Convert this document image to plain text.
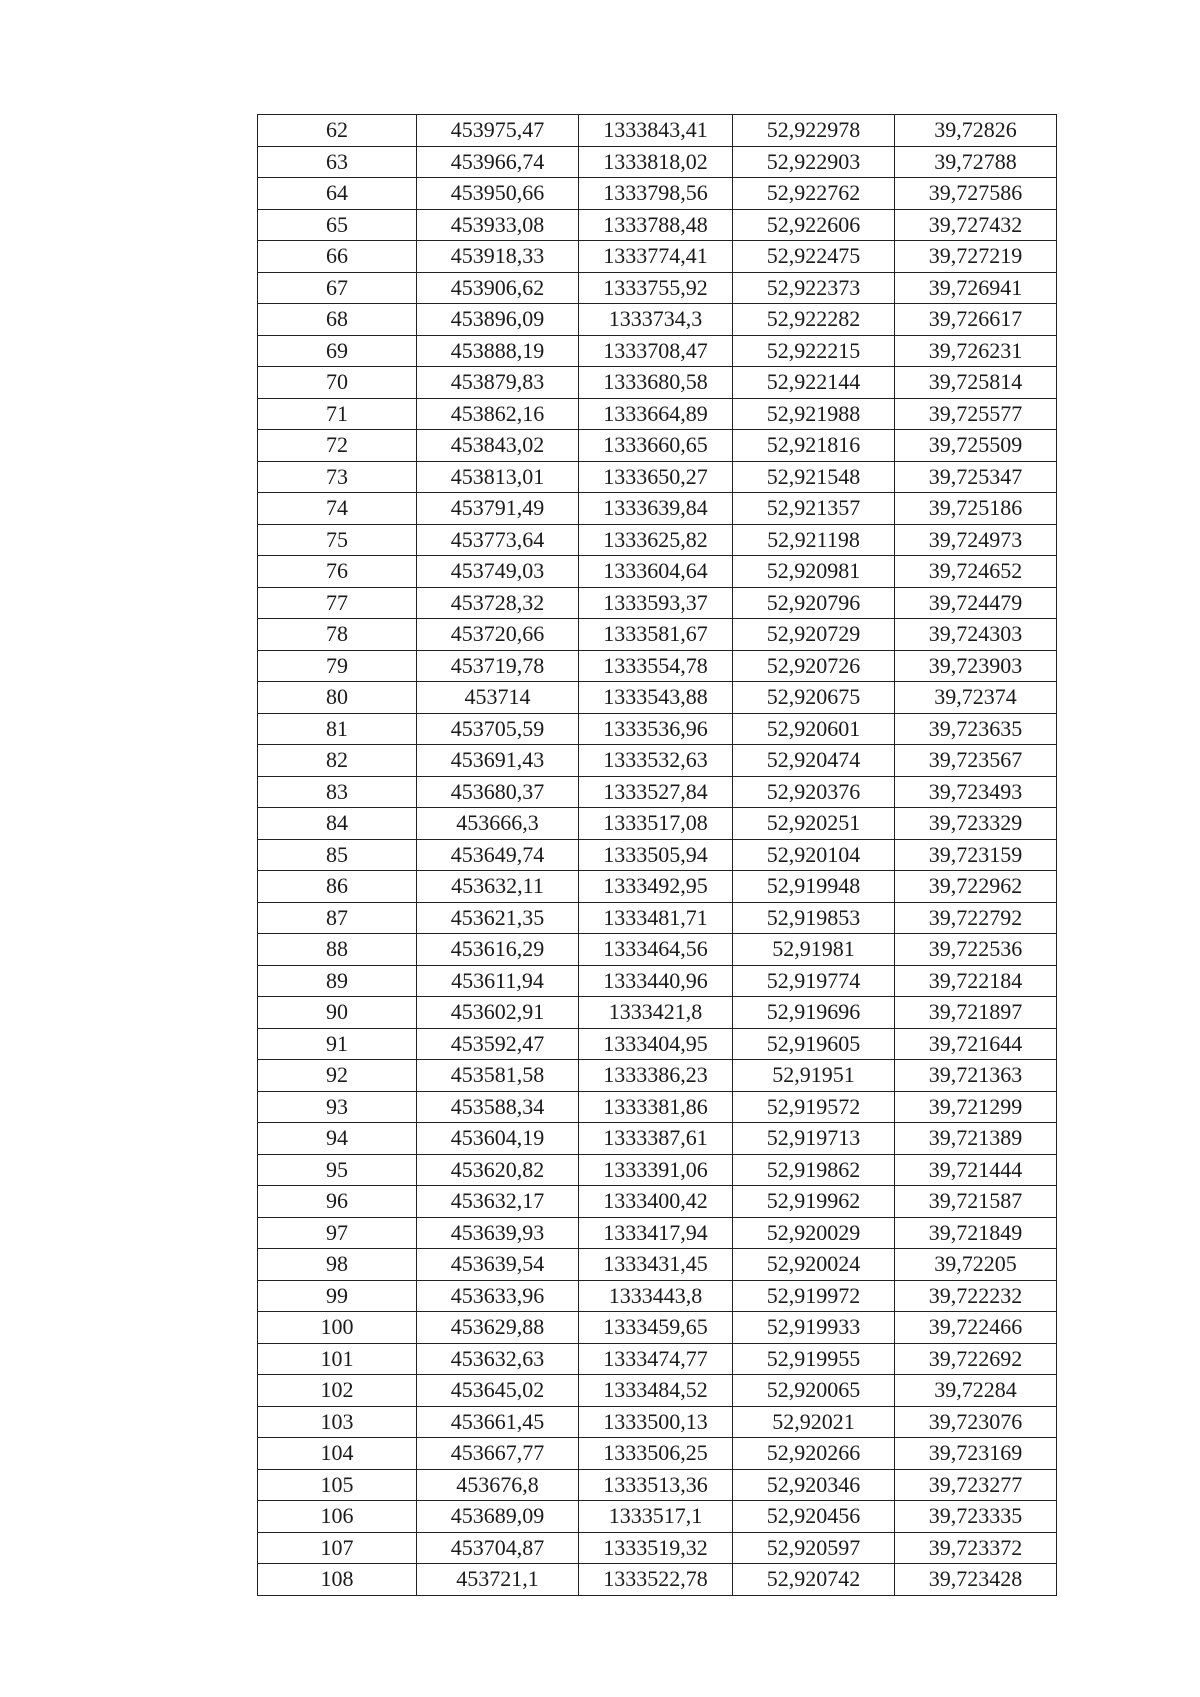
62	453975,47	1333843,41	52,922978	39,72826
63	453966,74	1333818,02	52,922903	39,72788
64	453950,66	1333798,56	52,922762	39,727586
65	453933,08	1333788,48	52,922606	39,727432
66	453918,33	1333774,41	52,922475	39,727219
67	453906,62	1333755,92	52,922373	39,726941
68	453896,09	1333734,3	52,922282	39,726617
69	453888,19	1333708,47	52,922215	39,726231
70	453879,83	1333680,58	52,922144	39,725814
71	453862,16	1333664,89	52,921988	39,725577
72	453843,02	1333660,65	52,921816	39,725509
73	453813,01	1333650,27	52,921548	39,725347
74	453791,49	1333639,84	52,921357	39,725186
75	453773,64	1333625,82	52,921198	39,724973
76	453749,03	1333604,64	52,920981	39,724652
77	453728,32	1333593,37	52,920796	39,724479
78	453720,66	1333581,67	52,920729	39,724303
79	453719,78	1333554,78	52,920726	39,723903
80	453714	1333543,88	52,920675	39,72374
81	453705,59	1333536,96	52,920601	39,723635
82	453691,43	1333532,63	52,920474	39,723567
83	453680,37	1333527,84	52,920376	39,723493
84	453666,3	1333517,08	52,920251	39,723329
85	453649,74	1333505,94	52,920104	39,723159
86	453632,11	1333492,95	52,919948	39,722962
87	453621,35	1333481,71	52,919853	39,722792
88	453616,29	1333464,56	52,91981	39,722536
89	453611,94	1333440,96	52,919774	39,722184
90	453602,91	1333421,8	52,919696	39,721897
91	453592,47	1333404,95	52,919605	39,721644
92	453581,58	1333386,23	52,91951	39,721363
93	453588,34	1333381,86	52,919572	39,721299
94	453604,19	1333387,61	52,919713	39,721389
95	453620,82	1333391,06	52,919862	39,721444
96	453632,17	1333400,42	52,919962	39,721587
97	453639,93	1333417,94	52,920029	39,721849
98	453639,54	1333431,45	52,920024	39,72205
99	453633,96	1333443,8	52,919972	39,722232
100	453629,88	1333459,65	52,919933	39,722466
101	453632,63	1333474,77	52,919955	39,722692
102	453645,02	1333484,52	52,920065	39,72284
103	453661,45	1333500,13	52,92021	39,723076
104	453667,77	1333506,25	52,920266	39,723169
105	453676,8	1333513,36	52,920346	39,723277
106	453689,09	1333517,1	52,920456	39,723335
107	453704,87	1333519,32	52,920597	39,723372
108	453721,1	1333522,78	52,920742	39,723428
